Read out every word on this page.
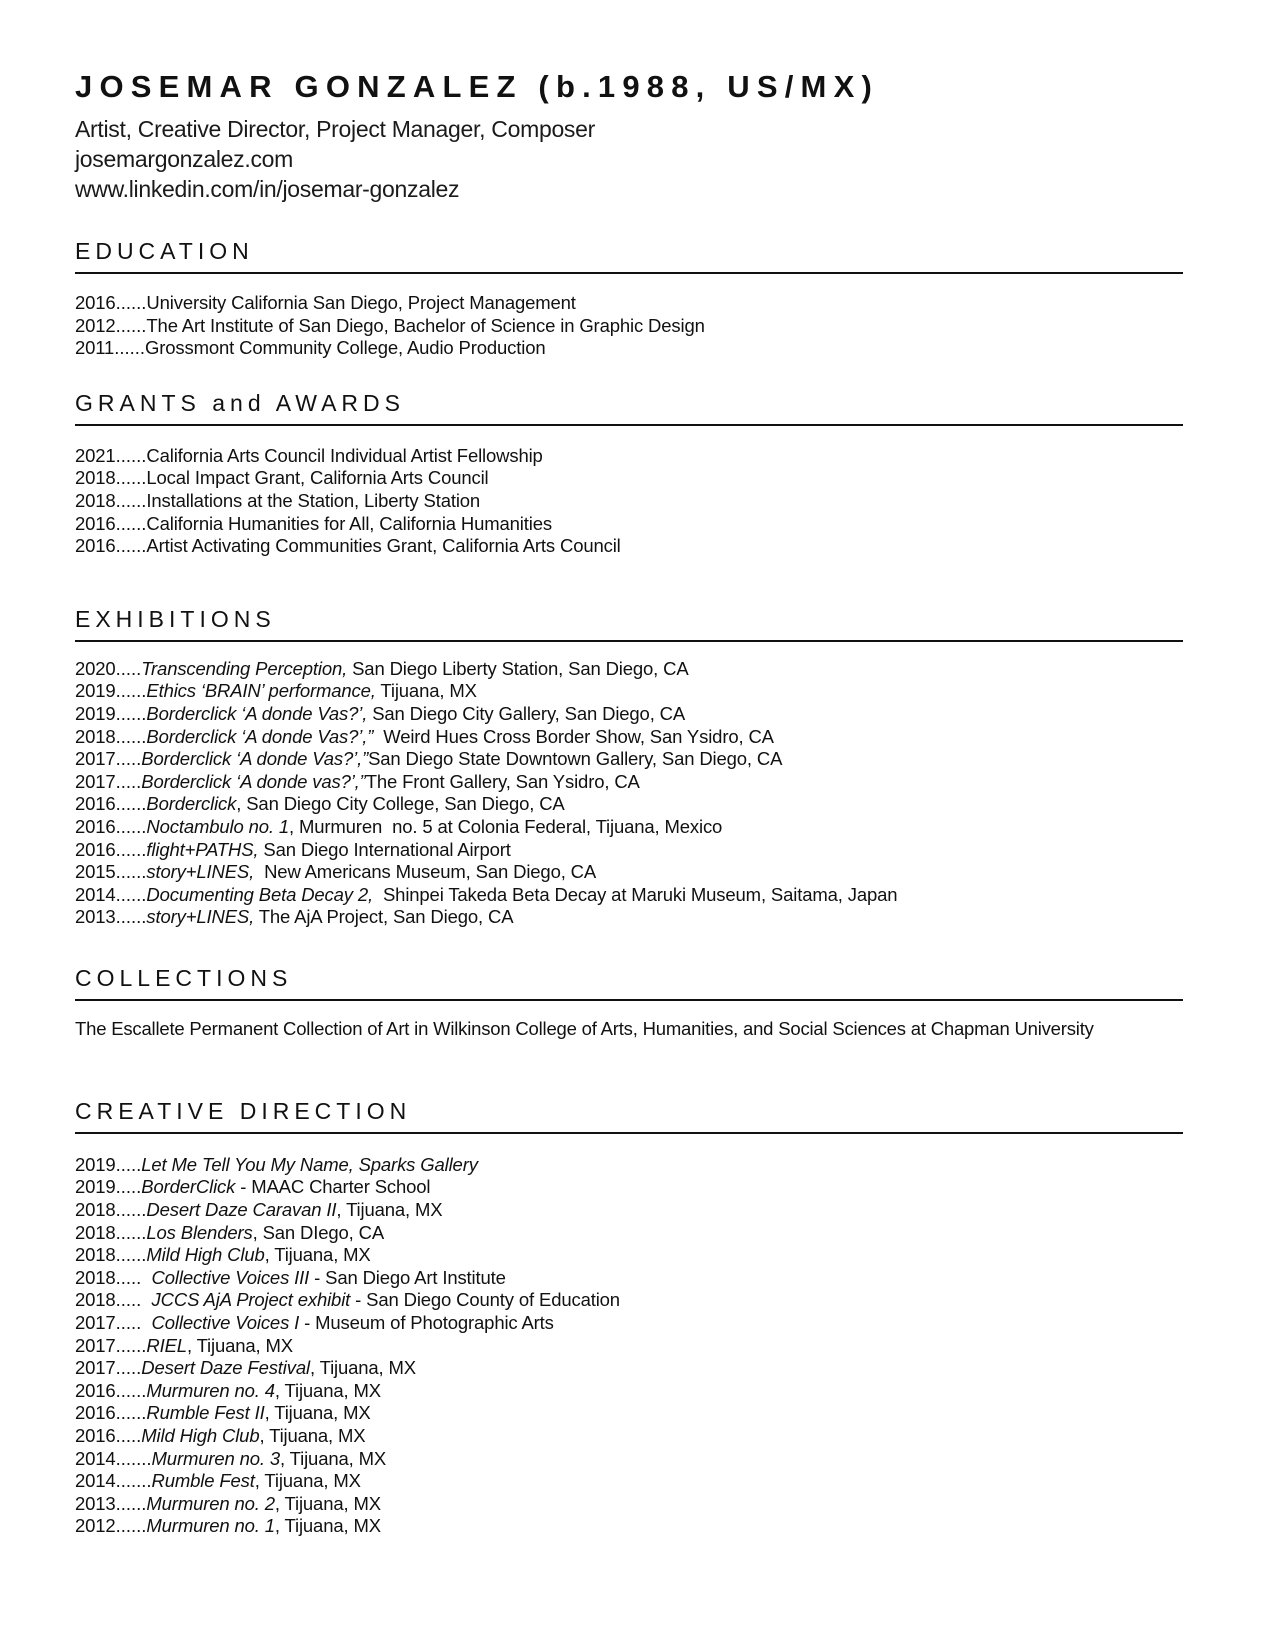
JOSEMAR GONZALEZ (b.1988, US/MX)
Artist, Creative Director, Project Manager, Composer
josemargonzalez.com
www.linkedin.com/in/josemar-gonzalez
EDUCATION
2016......University California San Diego, Project Management
2012......The Art Institute of San Diego, Bachelor of Science in Graphic Design
2011......Grossmont Community College, Audio Production
GRANTS and AWARDS
2021......California Arts Council Individual Artist Fellowship
2018......Local Impact Grant, California Arts Council
2018......Installations at the Station, Liberty Station
2016......California Humanities for All, California Humanities
2016......Artist Activating Communities Grant, California Arts Council
EXHIBITIONS
2020.....Transcending Perception, San Diego Liberty Station, San Diego, CA
2019......Ethics ‘BRAIN’ performance, Tijuana, MX
2019......Borderclick ‘A donde Vas?’, San Diego City Gallery, San Diego, CA
2018......Borderclick ‘A donde Vas?’,”  Weird Hues Cross Border Show, San Ysidro, CA
2017.....Borderclick ‘A donde Vas?’,”San Diego State Downtown Gallery, San Diego, CA
2017.....Borderclick ‘A donde vas?’,”The Front Gallery, San Ysidro, CA
2016......Borderclick, San Diego City College, San Diego, CA
2016......Noctambulo no. 1, Murmuren  no. 5 at Colonia Federal, Tijuana, Mexico
2016......flight+PATHS, San Diego International Airport
2015......story+LINES,  New Americans Museum, San Diego, CA
2014......Documenting Beta Decay 2,  Shinpei Takeda Beta Decay at Maruki Museum, Saitama, Japan
2013......story+LINES, The AjA Project, San Diego, CA
COLLECTIONS
The Escallete Permanent Collection of Art in Wilkinson College of Arts, Humanities, and Social Sciences at Chapman University
CREATIVE DIRECTION
2019.....Let Me Tell You My Name, Sparks Gallery
2019.....BorderClick - MAAC Charter School
2018......Desert Daze Caravan II, Tijuana, MX
2018......Los Blenders, San DIego, CA
2018......Mild High Club, Tijuana, MX
2018.....  Collective Voices III - San Diego Art Institute
2018.....  JCCS AjA Project exhibit - San Diego County of Education
2017.....  Collective Voices I - Museum of Photographic Arts
2017......RIEL, Tijuana, MX
2017.....Desert Daze Festival, Tijuana, MX
2016......Murmuren no. 4, Tijuana, MX
2016......Rumble Fest II, Tijuana, MX
2016.....Mild High Club, Tijuana, MX
2014.......Murmuren no. 3, Tijuana, MX
2014.......Rumble Fest, Tijuana, MX
2013......Murmuren no. 2, Tijuana, MX
2012......Murmuren no. 1, Tijuana, MX
